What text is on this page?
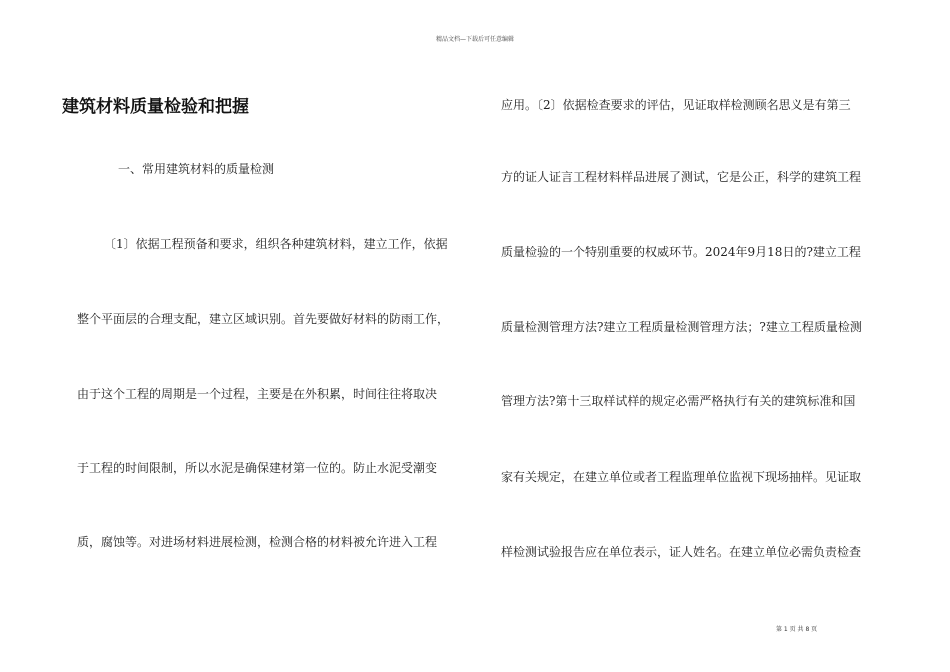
精品文档—下载后可任意编辑
建筑材料质量检验和把握
一、常用建筑材料的质量检测
〔1〕依据工程预备和要求，组织各种建筑材料，建立工作，依据
整个平面层的合理支配，建立区域识别。首先要做好材料的防雨工作，
由于这个工程的周期是一个过程，主要是在外积累，时间往往将取决
于工程的时间限制，所以水泥是确保建材第一位的。防止水泥受潮变
质，腐蚀等。对进场材料进展检测，检测合格的材料被允许进入工程
应用。〔2〕依据检查要求的评估，见证取样检测顾名思义是有第三
方的证人证言工程材料样品进展了测试，它是公正，科学的建筑工程
质量检验的一个特别重要的权威环节。2024年9月18日的?建立工程
质量检测管理方法?建立工程质量检测管理方法；?建立工程质量检测
管理方法?第十三取样试样的规定必需严格执行有关的建筑标准和国
家有关规定，在建立单位或者工程监理单位监视下现场抽样。见证取
样检测试验报告应在单位表示，证人姓名。在建立单位必需负责检查
第 1 页 共 8 页
